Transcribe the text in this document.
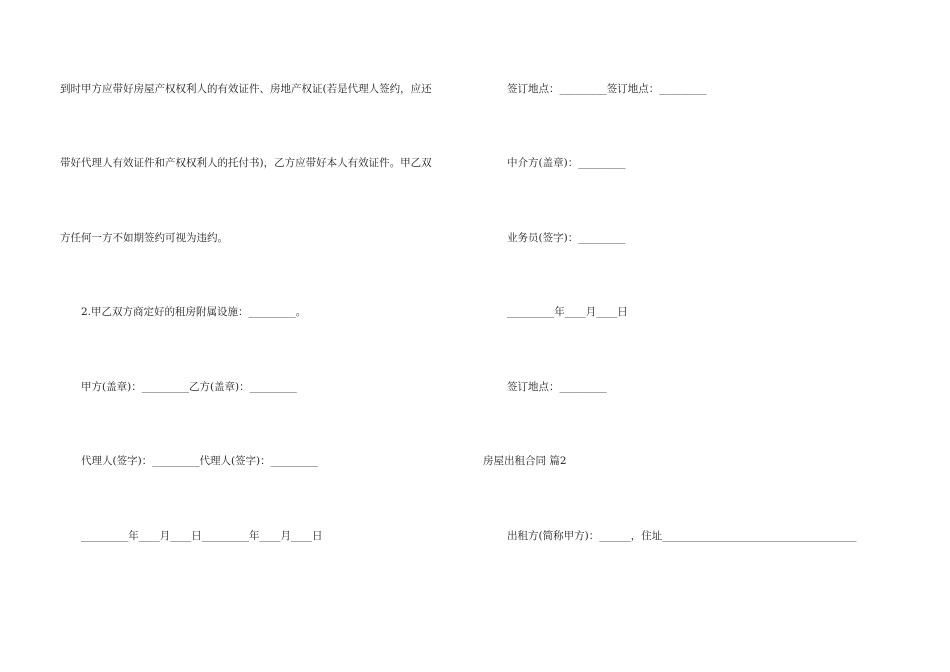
到时甲方应带好房屋产权权利人的有效证件、房地产权证(若是代理人签约，应还
带好代理人有效证件和产权权利人的托付书)，乙方应带好本人有效证件。甲乙双
方任何一方不如期签约可视为违约。
2.甲乙双方商定好的租房附属设施：_________。
甲方(盖章)：_________乙方(盖章)：_________
代理人(签字)：_________代理人(签字)：_________
_________年____月____日_________年____月____日
签订地点：_________签订地点：_________
中介方(盖章)：_________
业务员(签字)：_________
_________年____月____日
签订地点：_________
房屋出租合同 篇2
出租方(简称甲方)：______，住址_____________________________________
